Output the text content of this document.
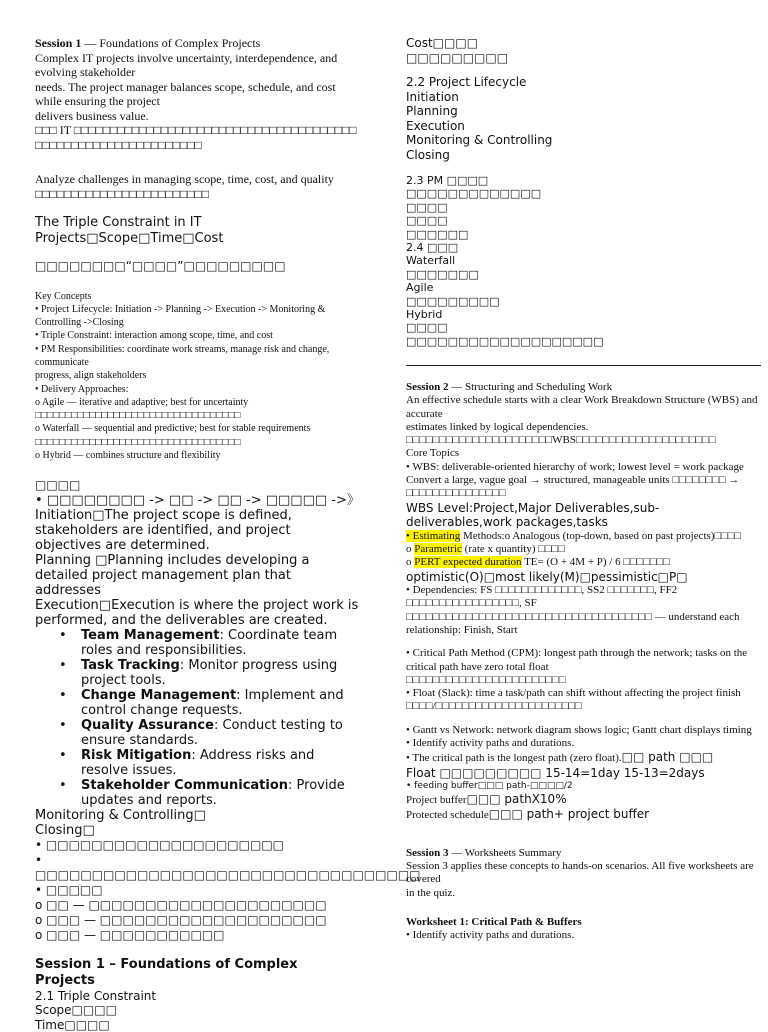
Session 1 — Foundations of Complex Projects

Complex IT projects involve uncertainty, interdependence, and evolving stakeholder

needs. The project manager balances scope, schedule, and cost while ensuring the project

delivers business value.

□□□ IT □□□□□□□□□□□□□□□□□□□□□□□□□□□□□□□□□□□□□□□□□□□□□□□□□□□□□□□□□□□□□□

Analyze challenges in managing scope, time, cost, and quality

□□□□□□□□□□□□□□□□□□□□□□□□

The Triple Constraint in IT Projects□Scope□Time□Cost

□□□□□□□□“□□□□”□□□□□□□□□

Key Concepts

• Project Lifecycle: Initiation -> Planning -> Execution -> Monitoring & Controlling ->Closing

• Triple Constraint: interaction among scope, time, and cost

• PM Responsibilities: coordinate work streams, manage risk and change, communicate

progress, align stakeholders

• Delivery Approaches:

o Agile — iterative and adaptive; best for uncertainty

□□□□□□□□□□□□□□□□□□□□□□□□□□□□□□□□□□

o Waterfall — sequential and predictive; best for stable requirements

□□□□□□□□□□□□□□□□□□□□□□□□□□□□□□□□□□

o Hybrid — combines structure and flexibility

□□□□

• □□□□□□□□ -> □□ -> □□ -> □□□□□ ->》

Initiation□The project scope is defined, stakeholders are identified, and project objectives are determined.

Planning □Planning includes developing a detailed project management plan that addresses

Execution□Execution is where the project work is performed, and the deliverables are created.

• Team Management: Coordinate team roles and responsibilities.
• Task Tracking: Monitor progress using project tools.
• Change Management: Implement and control change requests.
• Quality Assurance: Conduct testing to ensure standards.
• Risk Mitigation: Address risks and resolve issues.
• Stakeholder Communication: Provide updates and reports.

Monitoring & Controlling□

Closing□

• □□□□□□□□□□□□□□□□□□□□□

• □□□□□□□□□□□□□□□□□□□□□□□□□□□□□□□□□□

• □□□□□

o □□ — □□□□□□□□□□□□□□□□□□□□□

o □□□ — □□□□□□□□□□□□□□□□□□□□

o □□□ — □□□□□□□□□□□

Session 1 – Foundations of Complex Projects

2.1 Triple Constraint

Scope□□□□

Time□□□□

Cost□□□□

□□□□□□□□□

2.2 Project Lifecycle

Initiation

Planning

Execution

Monitoring & Controlling

Closing

2.3 PM □□□□

□□□□□□□□□□□□□

□□□□

□□□□

□□□□□□

2.4 □□□

Waterfall

□□□□□□□

Agile

□□□□□□□□□

Hybrid

□□□□

□□□□□□□□□□□□□□□□□□□

Session 2 — Structuring and Scheduling Work

An effective schedule starts with a clear Work Breakdown Structure (WBS) and accurate

estimates linked by logical dependencies. □□□□□□□□□□□□□□□□□□□□□□WBS□□□□□□□□□□□□□□□□□□□□□

Core Topics

• WBS: deliverable-oriented hierarchy of work; lowest level = work package

Convert a large, vague goal → structured, manageable units □□□□□□□□ → □□□□□□□□□□□□□□□

WBS Level:Project,Major Deliverables,sub-deliverables,work packages,tasks

• Estimating Methods:o Analogous (top-down, based on past projects)□□□□

o Parametric (rate x quantity) □□□□

o PERT expected duration TE= (O + 4M + P) / 6 □□□□□□□

optimistic(O)□most likely(M)□pessimistic□P□

• Dependencies: FS □□□□□□□□□□□□□, SS2 □□□□□□□, FF2 □□□□□□□□□□□□□□□□□, SF □□□□□□□□□□□□□□□□□□□□□□□□□□□□□□□□□□□□□ — understand each relationship: Finish, Start

• Critical Path Method (CPM): longest path through the network; tasks on the critical path have zero total float

□□□□□□□□□□□□□□□□□□□□□□□□

• Float (Slack): time a task/path can shift without affecting the project finish □□□□/□□□□□□□□□□□□□□□□□□□□□□

• Gantt vs Network: network diagram shows logic; Gantt chart displays timing

• Identify activity paths and durations.

• The critical path is the longest path (zero float).□□ path □□□

Float □□□□□□□□□ 15-14=1day 15-13=2days

• feeding buffer□□□ path-□□□□/2

Project buffer□□□ pathX10%

Protected schedule□□□ path+ project buffer

Session 3 — Worksheets Summary

Session 3 applies these concepts to hands-on scenarios. All five worksheets are covered

in the quiz.

Worksheet 1: Critical Path & Buffers

• Identify activity paths and durations.
